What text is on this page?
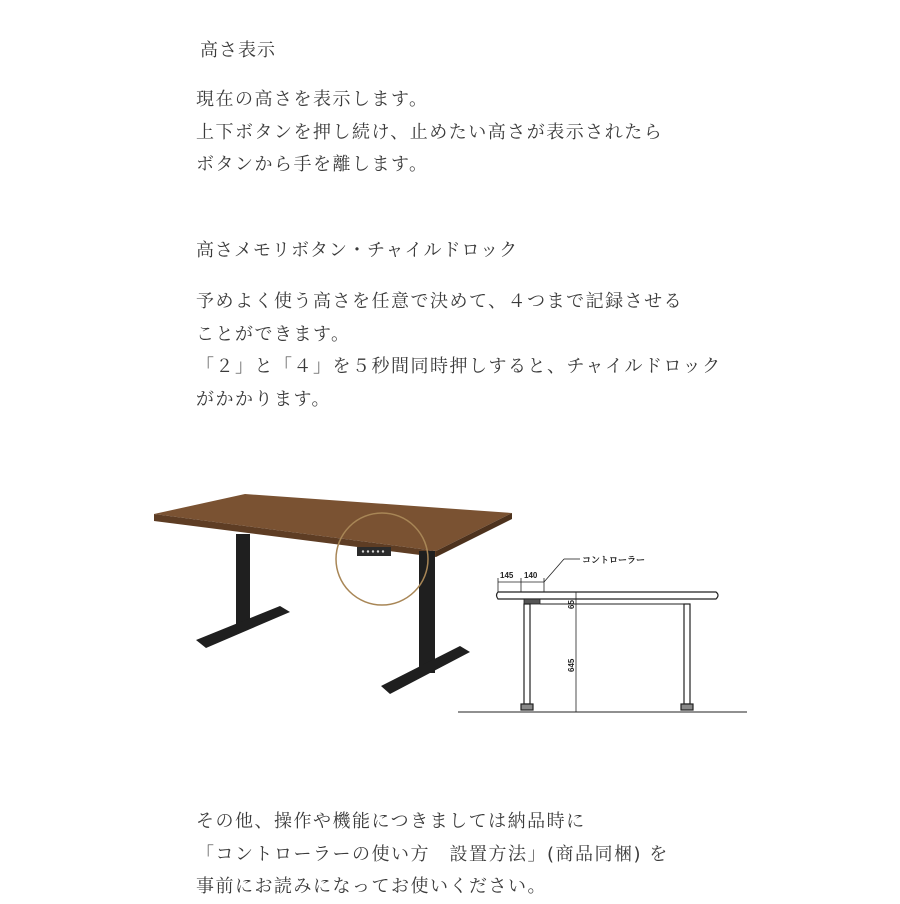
高さ表示
現在の高さを表示します。
上下ボタンを押し続け、止めたい高さが表示されたら
ボタンから手を離します。
高さメモリボタン・チャイルドロック
予めよく使う高さを任意で決めて、４つまで記録させる
ことができます。
「２」と「４」を５秒間同時押しすると、チャイルドロック
がかかります。
コントローラー
145 140
65
645
その他、操作や機能につきましては納品時に
「コントローラーの使い方　設置方法」(商品同梱) を
事前にお読みになってお使いください。
